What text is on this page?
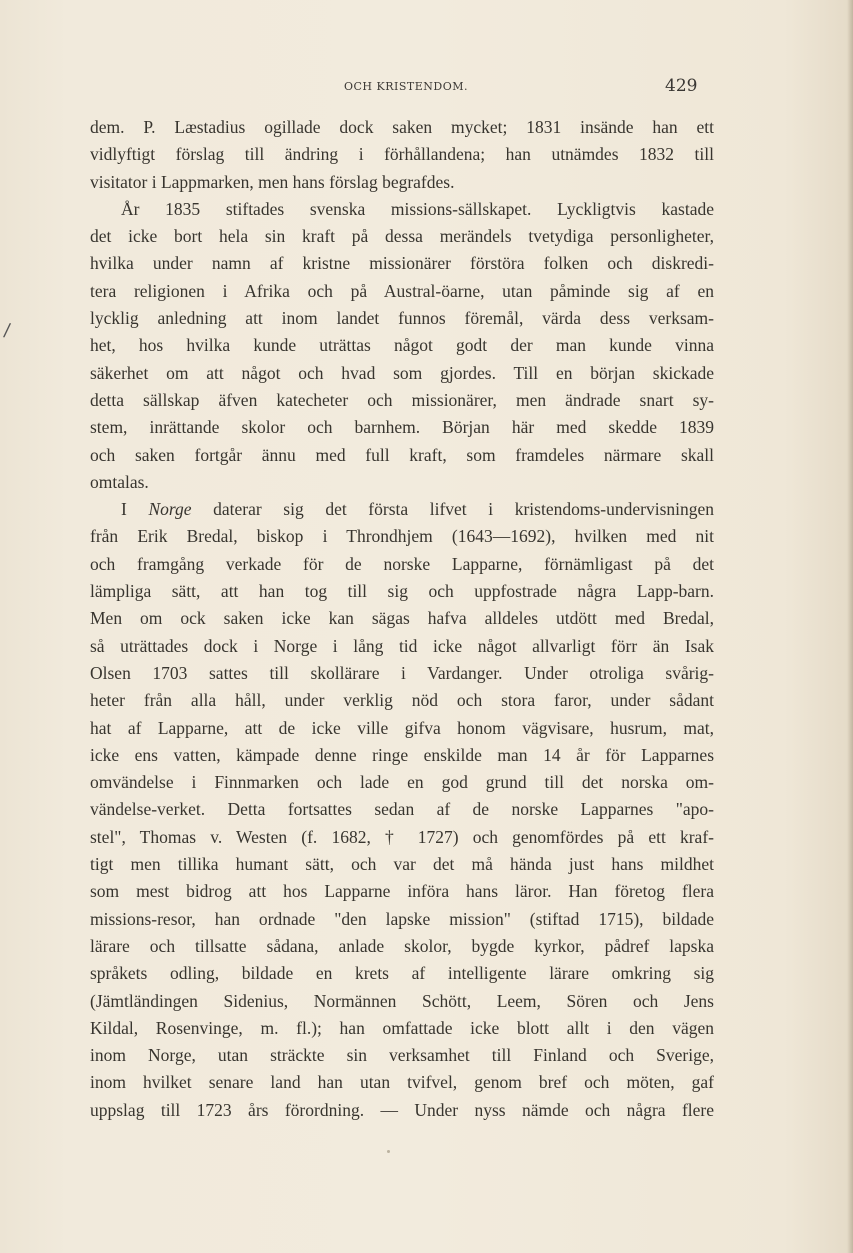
OCH KRISTENDOM.	429
/
dem. P. Læstadius ogillade dock saken mycket; 1831 insände han ett
vidlyftigt förslag till ändring i förhållandena; han utnämdes 1832 till
visitator i Lappmarken, men hans förslag begrafdes.
År 1835 stiftades svenska missions-sällskapet. Lyckligtvis kastade
det icke bort hela sin kraft på dessa merändels tvetydiga personligheter,
hvilka under namn af kristne missionärer förstöra folken och diskredi-
tera religionen i Afrika och på Austral-öarne, utan påminde sig af en
lycklig anledning att inom landet funnos föremål, värda dess verksam-
het, hos hvilka kunde uträttas något godt der man kunde vinna
säkerhet om att något och hvad som gjordes. Till en början skickade
detta sällskap äfven katecheter och missionärer, men ändrade snart sy-
stem, inrättande skolor och barnhem. Början här med skedde 1839
och saken fortgår ännu med full kraft, som framdeles närmare skall
omtalas.
I Norge daterar sig det första lifvet i kristendoms-undervisningen
från Erik Bredal, biskop i Throndhjem (1643—1692), hvilken med nit
och framgång verkade för de norske Lapparne, förnämligast på det
lämpliga sätt, att han tog till sig och uppfostrade några Lapp-barn.
Men om ock saken icke kan sägas hafva alldeles utdött med Bredal,
så uträttades dock i Norge i lång tid icke något allvarligt förr än Isak
Olsen 1703 sattes till skollärare i Vardanger. Under otroliga svårig-
heter från alla håll, under verklig nöd och stora faror, under sådant
hat af Lapparne, att de icke ville gifva honom vägvisare, husrum, mat,
icke ens vatten, kämpade denne ringe enskilde man 14 år för Lapparnes
omvändelse i Finnmarken och lade en god grund till det norska om-
vändelse-verket. Detta fortsattes sedan af de norske Lapparnes "apo-
stel", Thomas v. Westen (f. 1682, † 1727) och genomfördes på ett kraf-
tigt men tillika humant sätt, och var det må hända just hans mildhet
som mest bidrog att hos Lapparne införa hans läror. Han företog flera
missions-resor, han ordnade "den lapske mission" (stiftad 1715), bildade
lärare och tillsatte sådana, anlade skolor, bygde kyrkor, pådref lapska
språkets odling, bildade en krets af intelligente lärare omkring sig
(Jämtländingen Sidenius, Normännen Schött, Leem, Sören och Jens
Kildal, Rosenvinge, m. fl.); han omfattade icke blott allt i den vägen
inom Norge, utan sträckte sin verksamhet till Finland och Sverige,
inom hvilket senare land han utan tvifvel, genom bref och möten, gaf
uppslag till 1723 års förordning. — Under nyss nämde och några flere
